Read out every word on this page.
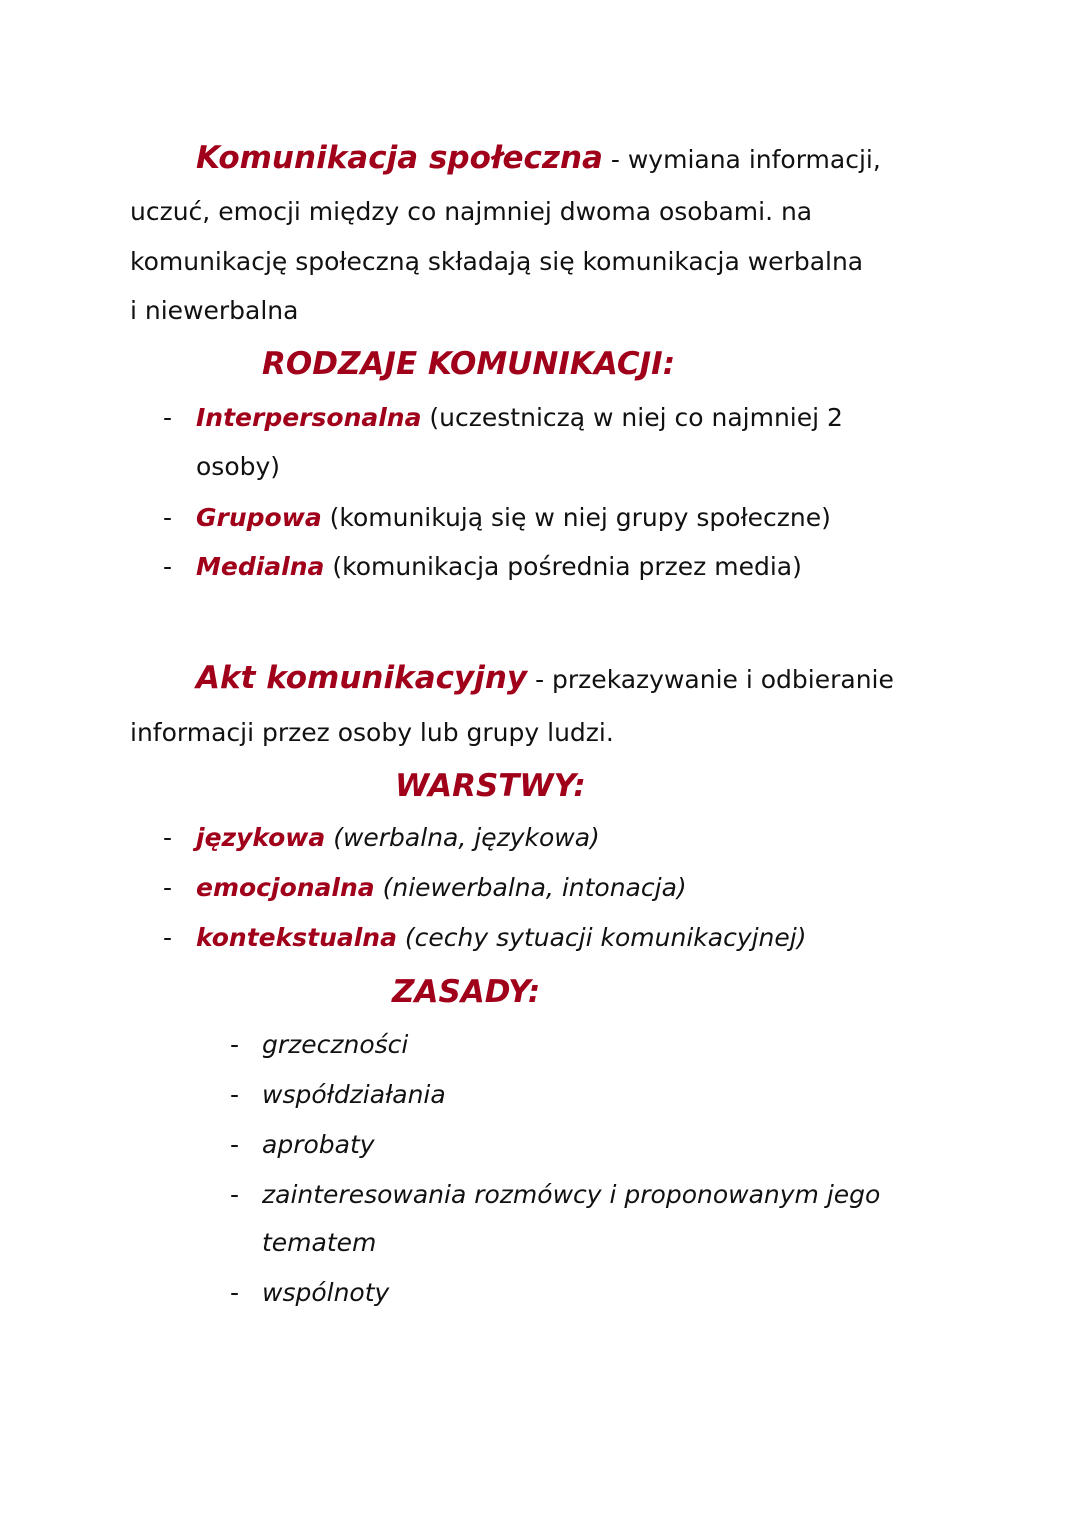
Komunikacja społeczna - wymiana informacji,
uczuć, emocji między co najmniej dwoma osobami. na
komunikację społeczną składają się komunikacja werbalna
i niewerbalna
RODZAJE KOMUNIKACJI:
- Interpersonalna (uczestniczą w niej co najmniej 2
osoby)
- Grupowa (komunikują się w niej grupy społeczne)
- Medialna (komunikacja pośrednia przez media)
Akt komunikacyjny - przekazywanie i odbieranie
informacji przez osoby lub grupy ludzi.
WARSTWY:
- językowa (werbalna, językowa)
- emocjonalna (niewerbalna, intonacja)
- kontekstualna (cechy sytuacji komunikacyjnej)
ZASADY:
- grzeczności
- współdziałania
- aprobaty
- zainteresowania rozmówcy i proponowanym jego
tematem
- wspólnoty
